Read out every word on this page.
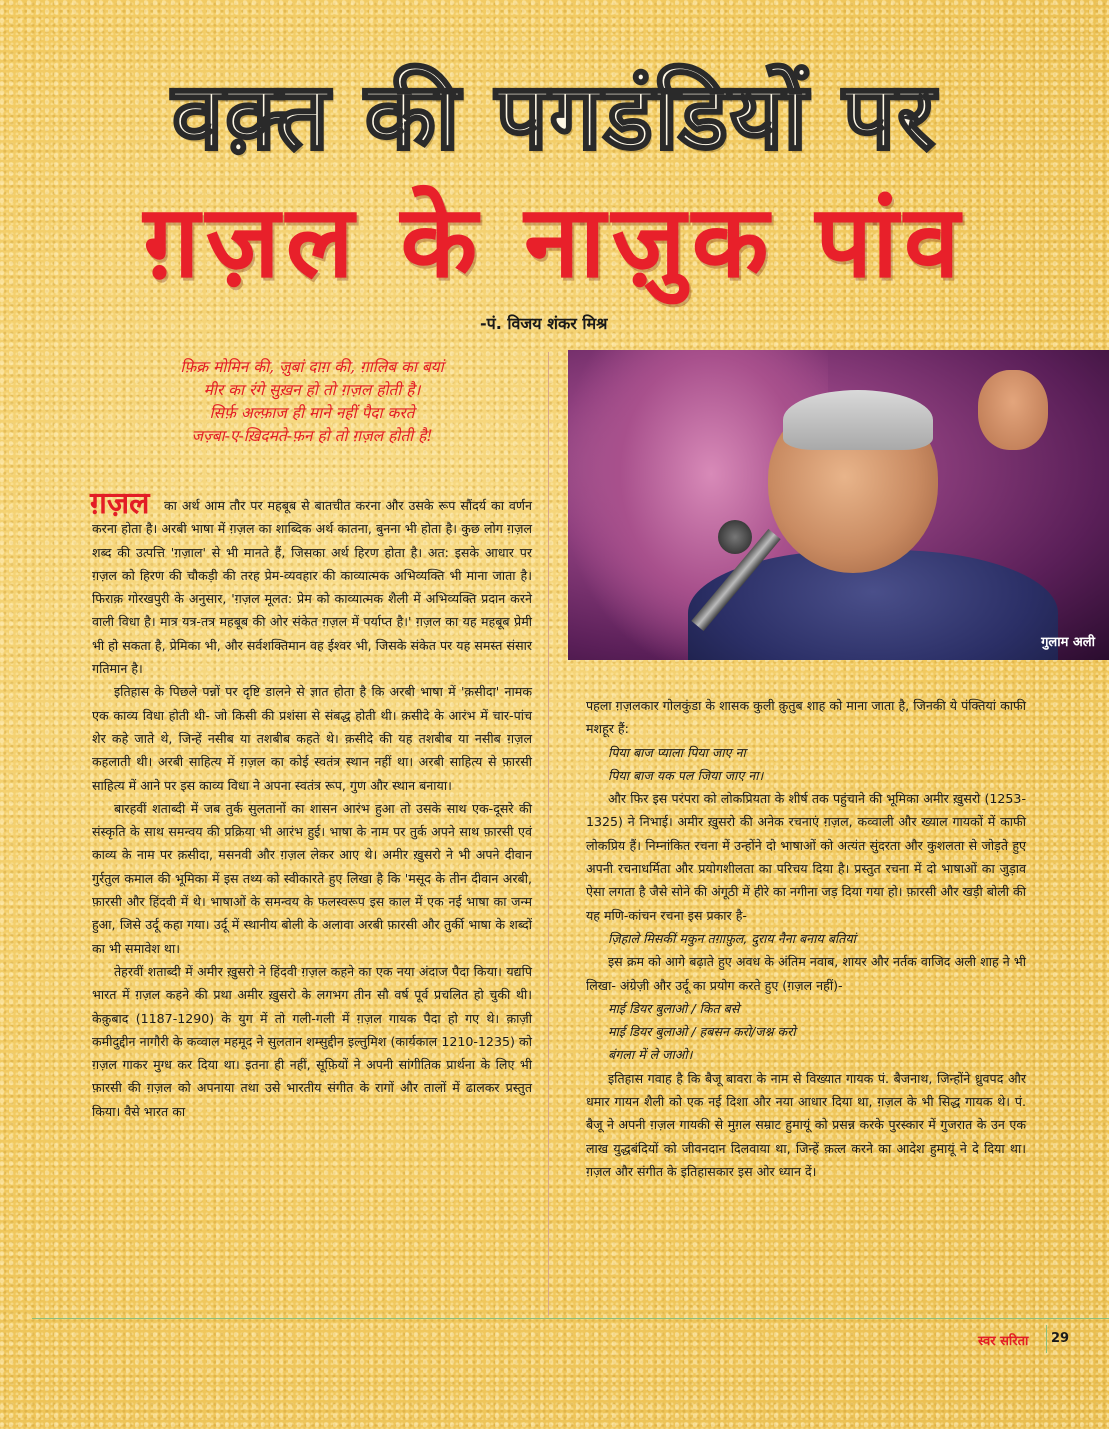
वक़्त की पगडंडियों पर
ग़ज़ल के नाज़ुक पांव
-पं. विजय शंकर मिश्र
फ़िक्र मोमिन की, ज़ुबां दाग़ की, ग़ालिब का बयां
मीर का रंगे सुख़न हो तो ग़ज़ल होती है।
सिर्फ़ अल्फ़ाज ही माने नहीं पैदा करते
जज़्बा-ए-ख़िदमते-फ़न हो तो ग़ज़ल होती है!
गुलाम अली
ग़ज़ल	का अर्थ आम तौर पर महबूब से बातचीत करना और उसके रूप सौंदर्य का वर्णन करना होता है। अरबी भाषा में ग़ज़ल का शाब्दिक अर्थ कातना, बुनना भी होता है। कुछ लोग ग़ज़ल शब्द की उत्पत्ति 'ग़ज़ाल' से भी मानते हैं, जिसका अर्थ हिरण होता है। अत: इसके आधार पर ग़ज़ल को हिरण की चौकड़ी की तरह प्रेम-व्यवहार की काव्यात्मक अभिव्यक्ति भी माना जाता है। फिराक़ गोरखपुरी के अनुसार, 'ग़ज़ल मूलत: प्रेम को काव्यात्मक शैली में अभिव्यक्ति प्रदान करने वाली विधा है। मात्र यत्र-तत्र महबूब की ओर संकेत ग़ज़ल में पर्याप्त है।' ग़ज़ल का यह महबूब प्रेमी भी हो सकता है, प्रेमिका भी, और सर्वशक्तिमान वह ईश्वर भी, जिसके संकेत पर यह समस्त संसार गतिमान है।

इतिहास के पिछले पन्नों पर दृष्टि डालने से ज्ञात होता है कि अरबी भाषा में 'क़सीदा' नामक एक काव्य विधा होती थी- जो किसी की प्रशंसा से संबद्ध होती थी। क़सीदे के आरंभ में चार-पांच शेर कहे जाते थे, जिन्हें नसीब या तशबीब कहते थे। क़सीदे की यह तशबीब या नसीब ग़ज़ल कहलाती थी। अरबी साहित्य में ग़ज़ल का कोई स्वतंत्र स्थान नहीं था। अरबी साहित्य से फ़ारसी साहित्य में आने पर इस काव्य विधा ने अपना स्वतंत्र रूप, गुण और स्थान बनाया।

बारहवीं शताब्दी में जब तुर्क सुलतानों का शासन आरंभ हुआ तो उसके साथ एक-दूसरे की संस्कृति के साथ समन्वय की प्रक्रिया भी आरंभ हुई। भाषा के नाम पर तुर्क अपने साथ फ़ारसी एवं काव्य के नाम पर क़सीदा, मसनवी और ग़ज़ल लेकर आए थे। अमीर ख़ुसरो ने भी अपने दीवान गुर्रतुल कमाल की भूमिका में इस तथ्य को स्वीकारते हुए लिखा है कि 'मसूद के तीन दीवान अरबी, फ़ारसी और हिंदवी में थे। भाषाओं के समन्वय के फलस्वरूप इस काल में एक नई भाषा का जन्म हुआ, जिसे उर्दू कहा गया। उर्दू में स्थानीय बोली के अलावा अरबी फ़ारसी और तुर्की भाषा के शब्दों का भी समावेश था।

तेहरवीं शताब्दी में अमीर ख़ुसरो ने हिंदवी ग़ज़ल कहने का एक नया अंदाज पैदा किया। यद्यपि भारत में ग़ज़ल कहने की प्रथा अमीर ख़ुसरो के लगभग तीन सौ वर्ष पूर्व प्रचलित हो चुकी थी। केक़ुबाद (1187-1290) के युग में तो गली-गली में ग़ज़ल गायक पैदा हो गए थे। क़ाज़ी कमीदुद्दीन नागौरी के कव्वाल महमूद ने सुलतान शम्सुद्दीन इल्तुमिश (कार्यकाल 1210-1235) को ग़ज़ल गाकर मुग्ध कर दिया था। इतना ही नहीं, सूफ़ियों ने अपनी सांगीतिक प्रार्थना के लिए भी फ़ारसी की ग़ज़ल को अपनाया तथा उसे भारतीय संगीत के रागों और तालों में ढालकर प्रस्तुत किया। वैसे भारत का

पहला ग़ज़लकार गोलकुंडा के शासक कुली क़ुतुब शाह को माना जाता है, जिनकी ये पंक्तियां काफी मशहूर हैं:

पिया बाज प्याला पिया जाए ना

पिया बाज यक पल जिया जाए ना।

और फिर इस परंपरा को लोकप्रियता के शीर्ष तक पहुंचाने की भूमिका अमीर ख़ुसरो (1253-1325) ने निभाई। अमीर ख़ुसरो की अनेक रचनाएं ग़ज़ल, कव्वाली और ख्याल गायकों में काफी लोकप्रिय हैं। निम्नांकित रचना में उन्होंने दो भाषाओं को अत्यंत सुंदरता और कुशलता से जोड़ते हुए अपनी रचनाधर्मिता और प्रयोगशीलता का परिचय दिया है। प्रस्तुत रचना में दो भाषाओं का जुड़ाव ऐसा लगता है जैसे सोने की अंगूठी में हीरे का नगीना जड़ दिया गया हो। फ़ारसी और खड़ी बोली की यह मणि-कांचन रचना इस प्रकार है-

ज़िहाले मिसकीं मकुन तग़ाफ़ुल, दुराय नैना बनाय बतियां

इस क्रम को आगे बढ़ाते हुए अवध के अंतिम नवाब, शायर और नर्तक वाजिद अली शाह ने भी लिखा- अंग्रेज़ी और उर्दू का प्रयोग करते हुए (ग़ज़ल नहीं)-

माई डियर बुलाओ / कित बसे

माई डियर बुलाओ / हबसन करो/जश्न करो

बंगला में ले जाओ।

इतिहास गवाह है कि बैजू बावरा के नाम से विख्यात गायक पं. बैजनाथ, जिन्होंने ध्रुवपद और धमार गायन शैली को एक नई दिशा और नया आधार दिया था, ग़ज़ल के भी सिद्ध गायक थे। पं. बैजू ने अपनी ग़ज़ल गायकी से मुग़ल सम्राट हुमायूं को प्रसन्न करके पुरस्कार में गुजरात के उन एक लाख युद्धबंदियों को जीवनदान दिलवाया था, जिन्हें क़त्ल करने का आदेश हुमायूं ने दे दिया था। ग़ज़ल और संगीत के इतिहासकार इस ओर ध्यान दें।

स्वर सरिता 29
